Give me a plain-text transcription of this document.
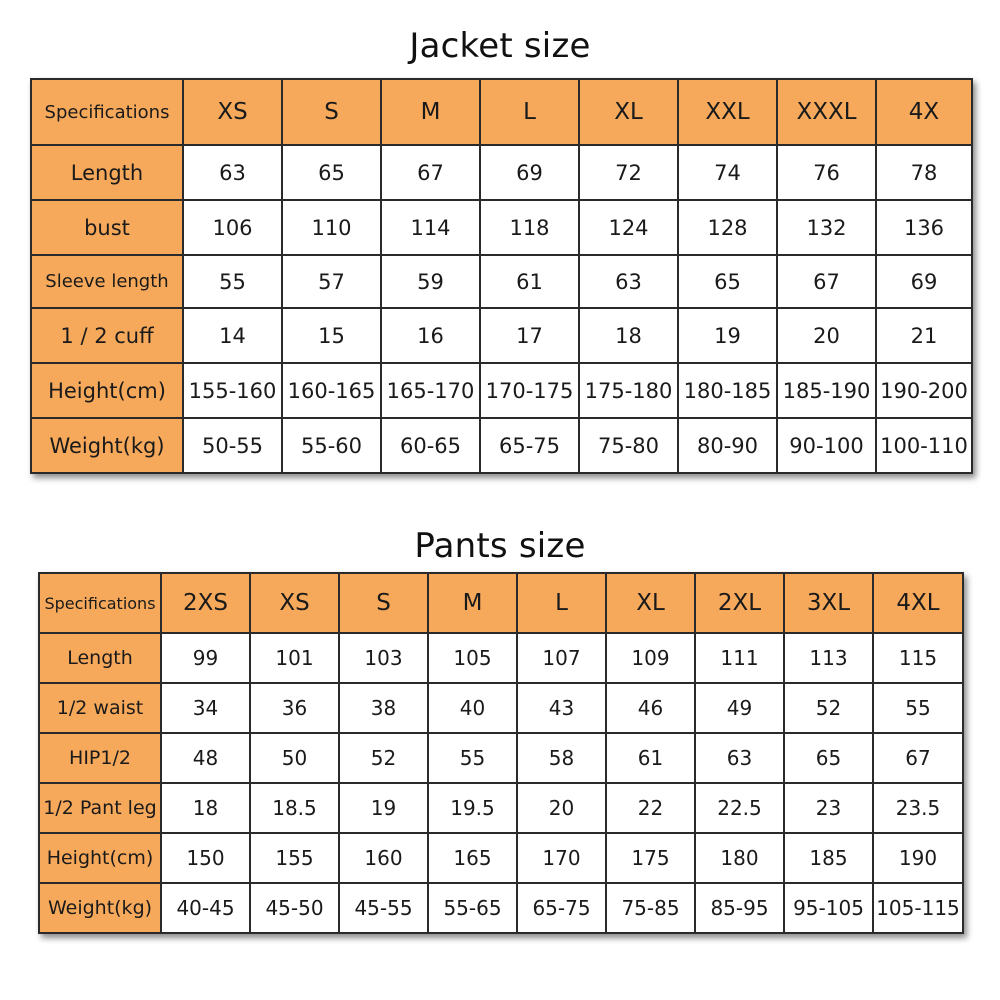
Jacket size
Specifications	XS	S	M	L	XL	XXL	XXXL	4X
Length	63	65	67	69	72	74	76	78
bust	106	110	114	118	124	128	132	136
Sleeve length	55	57	59	61	63	65	67	69
1 / 2 cuff	14	15	16	17	18	19	20	21
Height(cm)	155-160	160-165	165-170	170-175	175-180	180-185	185-190	190-200
Weight(kg)	50-55	55-60	60-65	65-75	75-80	80-90	90-100	100-110
Pants size
Specifications	2XS	XS	S	M	L	XL	2XL	3XL	4XL
Length	99	101	103	105	107	109	111	113	115
1/2 waist	34	36	38	40	43	46	49	52	55
HIP1/2	48	50	52	55	58	61	63	65	67
1/2 Pant leg	18	18.5	19	19.5	20	22	22.5	23	23.5
Height(cm)	150	155	160	165	170	175	180	185	190
Weight(kg)	40-45	45-50	45-55	55-65	65-75	75-85	85-95	95-105	105-115
